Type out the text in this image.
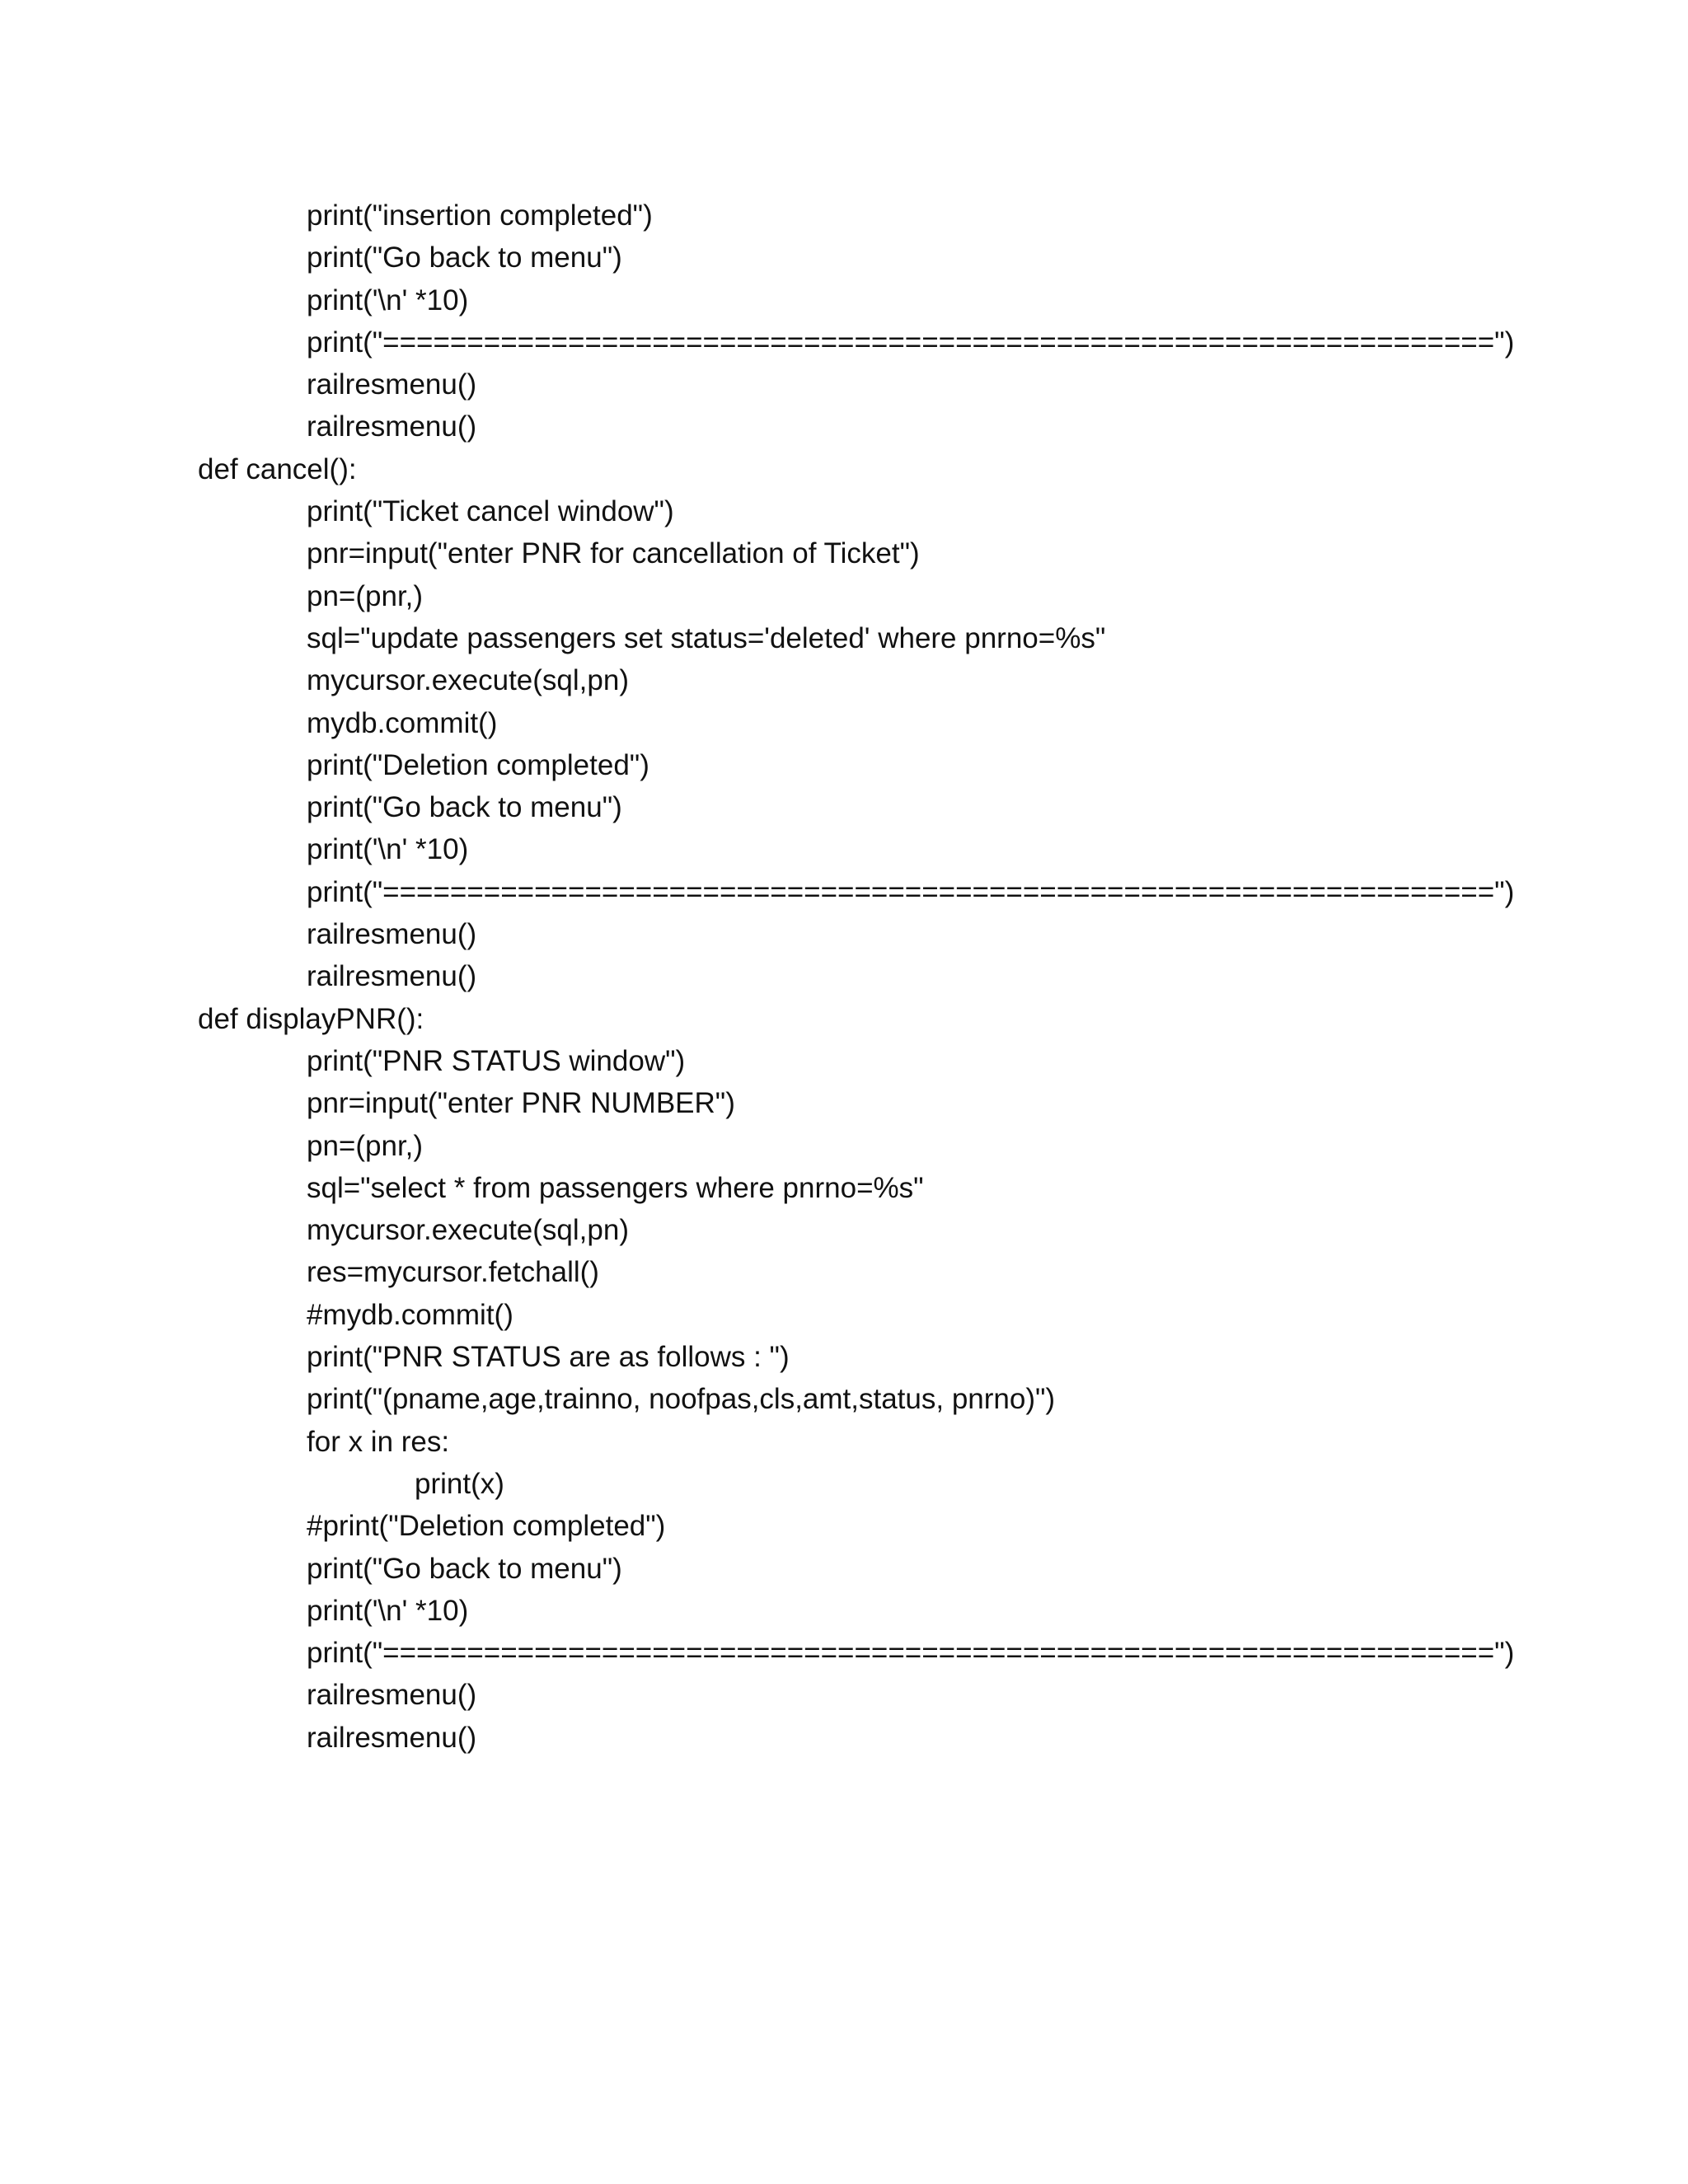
print("insertion completed")
print("Go back to menu")
print('\n' *10)
print("==================================================================")
railresmenu()
railresmenu()
def cancel():
print("Ticket cancel window")
pnr=input("enter PNR for cancellation of Ticket")
pn=(pnr,)
sql="update passengers set status='deleted' where pnrno=%s"
mycursor.execute(sql,pn)
mydb.commit()
print("Deletion completed")
print("Go back to menu")
print('\n' *10)
print("==================================================================")
railresmenu()
railresmenu()
def displayPNR():
print("PNR STATUS window")
pnr=input("enter PNR NUMBER")
pn=(pnr,)
sql="select * from passengers where pnrno=%s"
mycursor.execute(sql,pn)
res=mycursor.fetchall()
#mydb.commit()
print("PNR STATUS are as follows : ")
print("(pname,age,trainno, noofpas,cls,amt,status, pnrno)")
for x in res:
print(x)
#print("Deletion completed")
print("Go back to menu")
print('\n' *10)
print("==================================================================")
railresmenu()
railresmenu()
